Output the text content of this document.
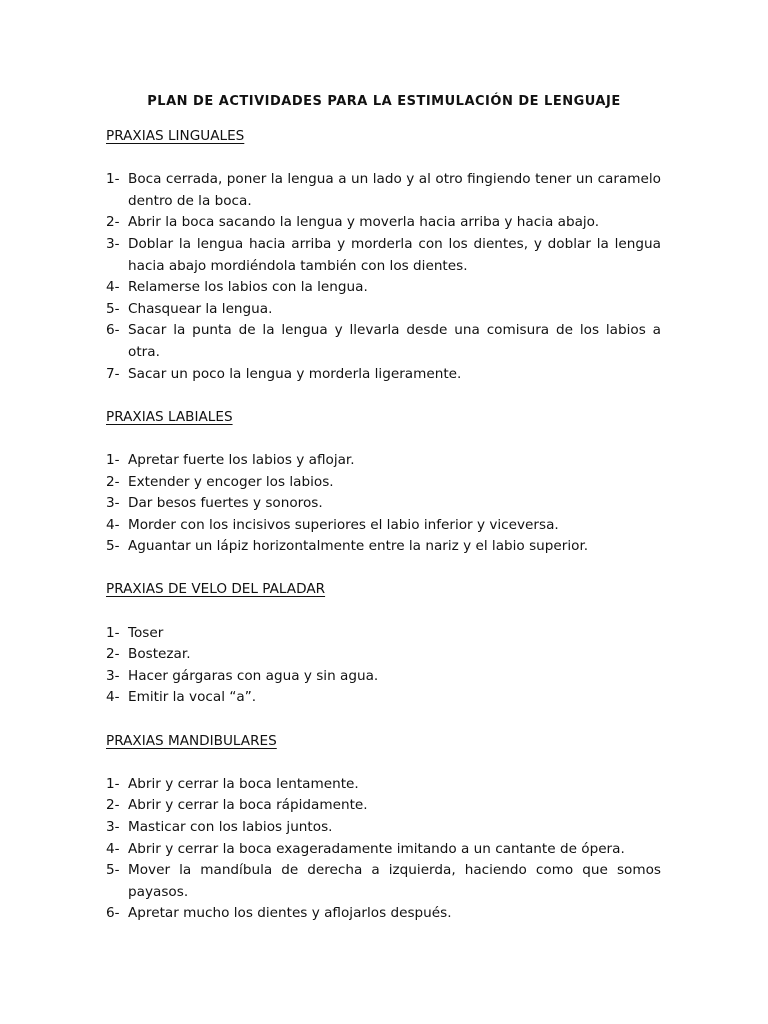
PLAN DE ACTIVIDADES PARA LA ESTIMULACIÓN DE LENGUAJE
PRAXIAS LINGUALES
1- Boca cerrada, poner la lengua a un lado y al otro fingiendo tener un caramelo dentro de la boca.
2- Abrir la boca sacando la lengua y moverla hacia arriba y hacia abajo.
3- Doblar la lengua hacia arriba y morderla con los dientes, y doblar la lengua hacia abajo mordiéndola también con los dientes.
4- Relamerse los labios con la lengua.
5- Chasquear la lengua.
6- Sacar la punta de la lengua y llevarla desde una comisura de los labios a otra.
7- Sacar un poco la lengua y morderla ligeramente.
PRAXIAS LABIALES
1- Apretar fuerte los labios y aflojar.
2- Extender y encoger los labios.
3- Dar besos fuertes y sonoros.
4- Morder con los incisivos superiores el labio inferior y viceversa.
5- Aguantar un lápiz horizontalmente entre la nariz y el labio superior.
PRAXIAS DE VELO DEL PALADAR
1- Toser
2- Bostezar.
3- Hacer gárgaras con agua y sin agua.
4- Emitir la vocal “a”.
PRAXIAS MANDIBULARES
1- Abrir y cerrar la boca lentamente.
2- Abrir y cerrar la boca rápidamente.
3- Masticar con los labios juntos.
4- Abrir y cerrar la boca exageradamente imitando a un cantante de ópera.
5- Mover la mandíbula de derecha a izquierda, haciendo como que somos payasos.
6- Apretar mucho los dientes y aflojarlos después.
